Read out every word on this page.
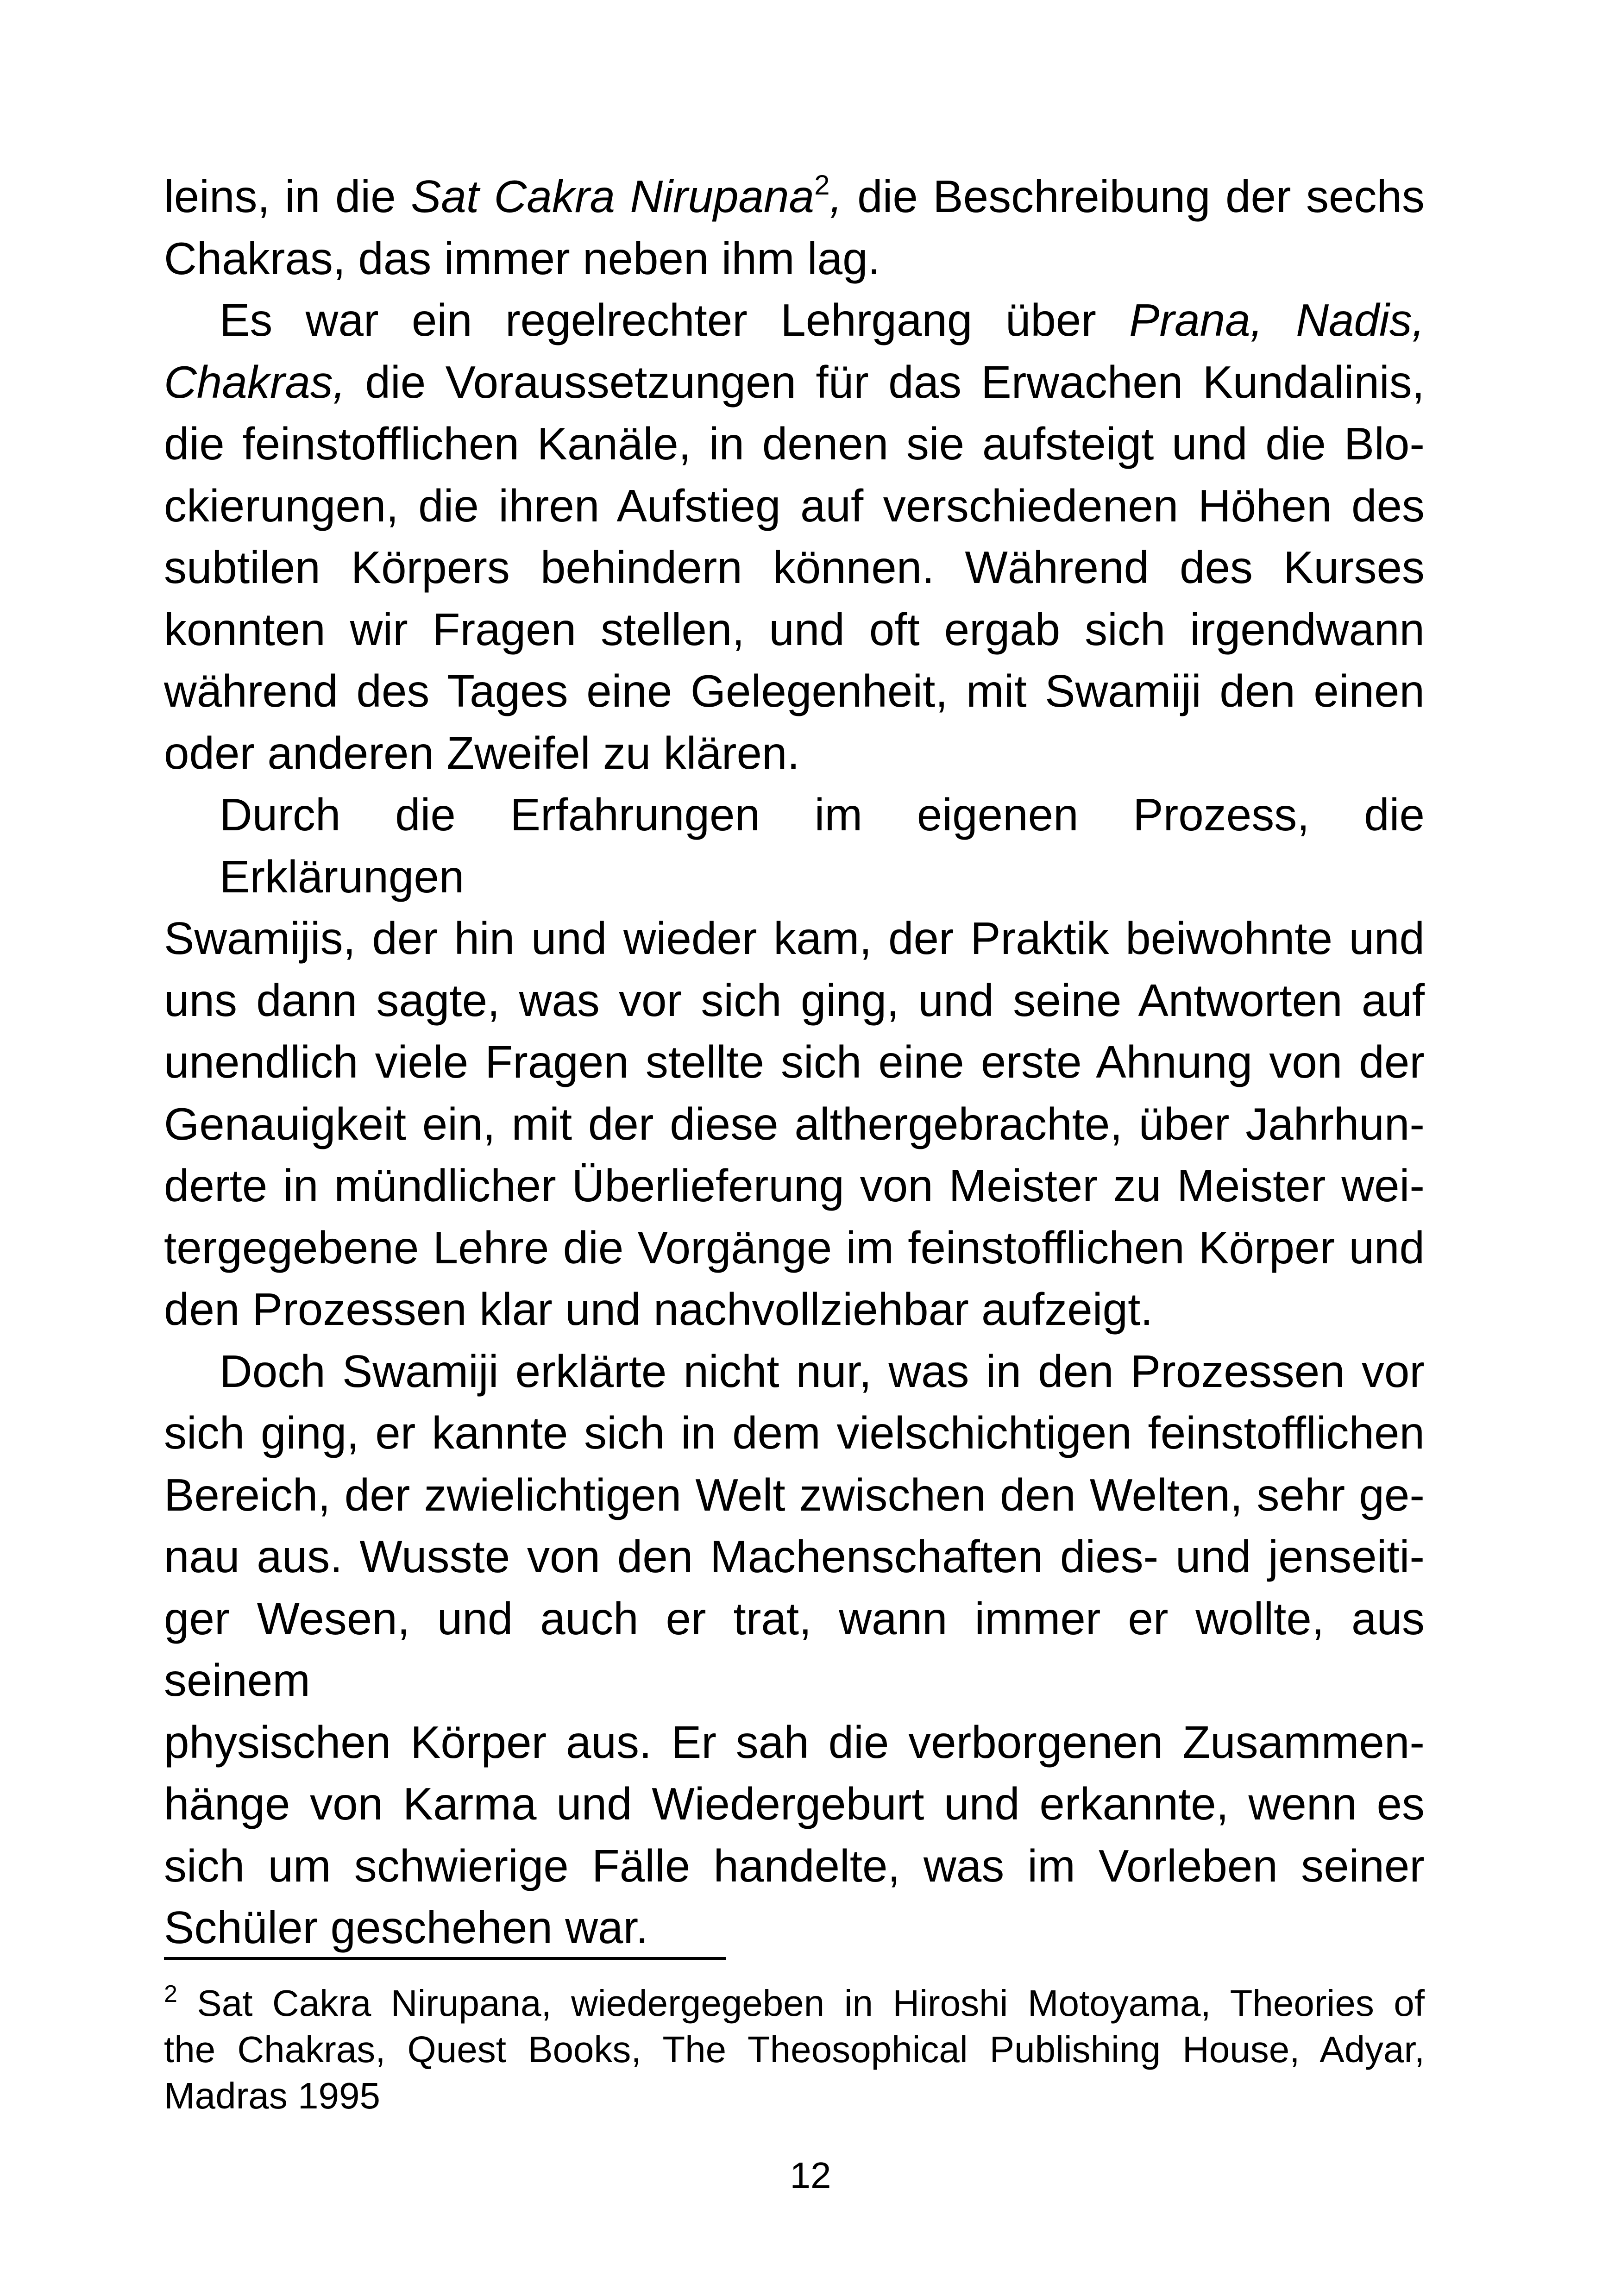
leins, in die Sat Cakra Nirupana$^2$, die Beschreibung der sechs
Chakras, das immer neben ihm lag.
Es war ein regelrechter Lehrgang über Prana, Nadis,
Chakras, die Voraussetzungen für das Erwachen Kundalinis,
die feinstofflichen Kanäle, in denen sie aufsteigt und die Blo-
ckierungen, die ihren Aufstieg auf verschiedenen Höhen des
subtilen Körpers behindern können. Während des Kurses
konnten wir Fragen stellen, und oft ergab sich irgendwann
während des Tages eine Gelegenheit, mit Swamiji den einen
oder anderen Zweifel zu klären.
Durch die Erfahrungen im eigenen Prozess, die Erklärungen
Swamijis, der hin und wieder kam, der Praktik beiwohnte und
uns dann sagte, was vor sich ging, und seine Antworten auf
unendlich viele Fragen stellte sich eine erste Ahnung von der
Genauigkeit ein, mit der diese althergebrachte, über Jahrhun-
derte in mündlicher Überlieferung von Meister zu Meister wei-
tergegebene Lehre die Vorgänge im feinstofflichen Körper und
den Prozessen klar und nachvollziehbar aufzeigt.
Doch Swamiji erklärte nicht nur, was in den Prozessen vor
sich ging, er kannte sich in dem vielschichtigen feinstofflichen
Bereich, der zwielichtigen Welt zwischen den Welten, sehr ge-
nau aus. Wusste von den Machenschaften dies- und jenseiti-
ger Wesen, und auch er trat, wann immer er wollte, aus seinem
physischen Körper aus. Er sah die verborgenen Zusammen-
hänge von Karma und Wiedergeburt und erkannte, wenn es
sich um schwierige Fälle handelte, was im Vorleben seiner
Schüler geschehen war.
$^2$ Sat Cakra Nirupana, wiedergegeben in Hiroshi Motoyama, Theories of
the Chakras, Quest Books, The Theosophical Publishing House, Adyar,
Madras 1995
12
